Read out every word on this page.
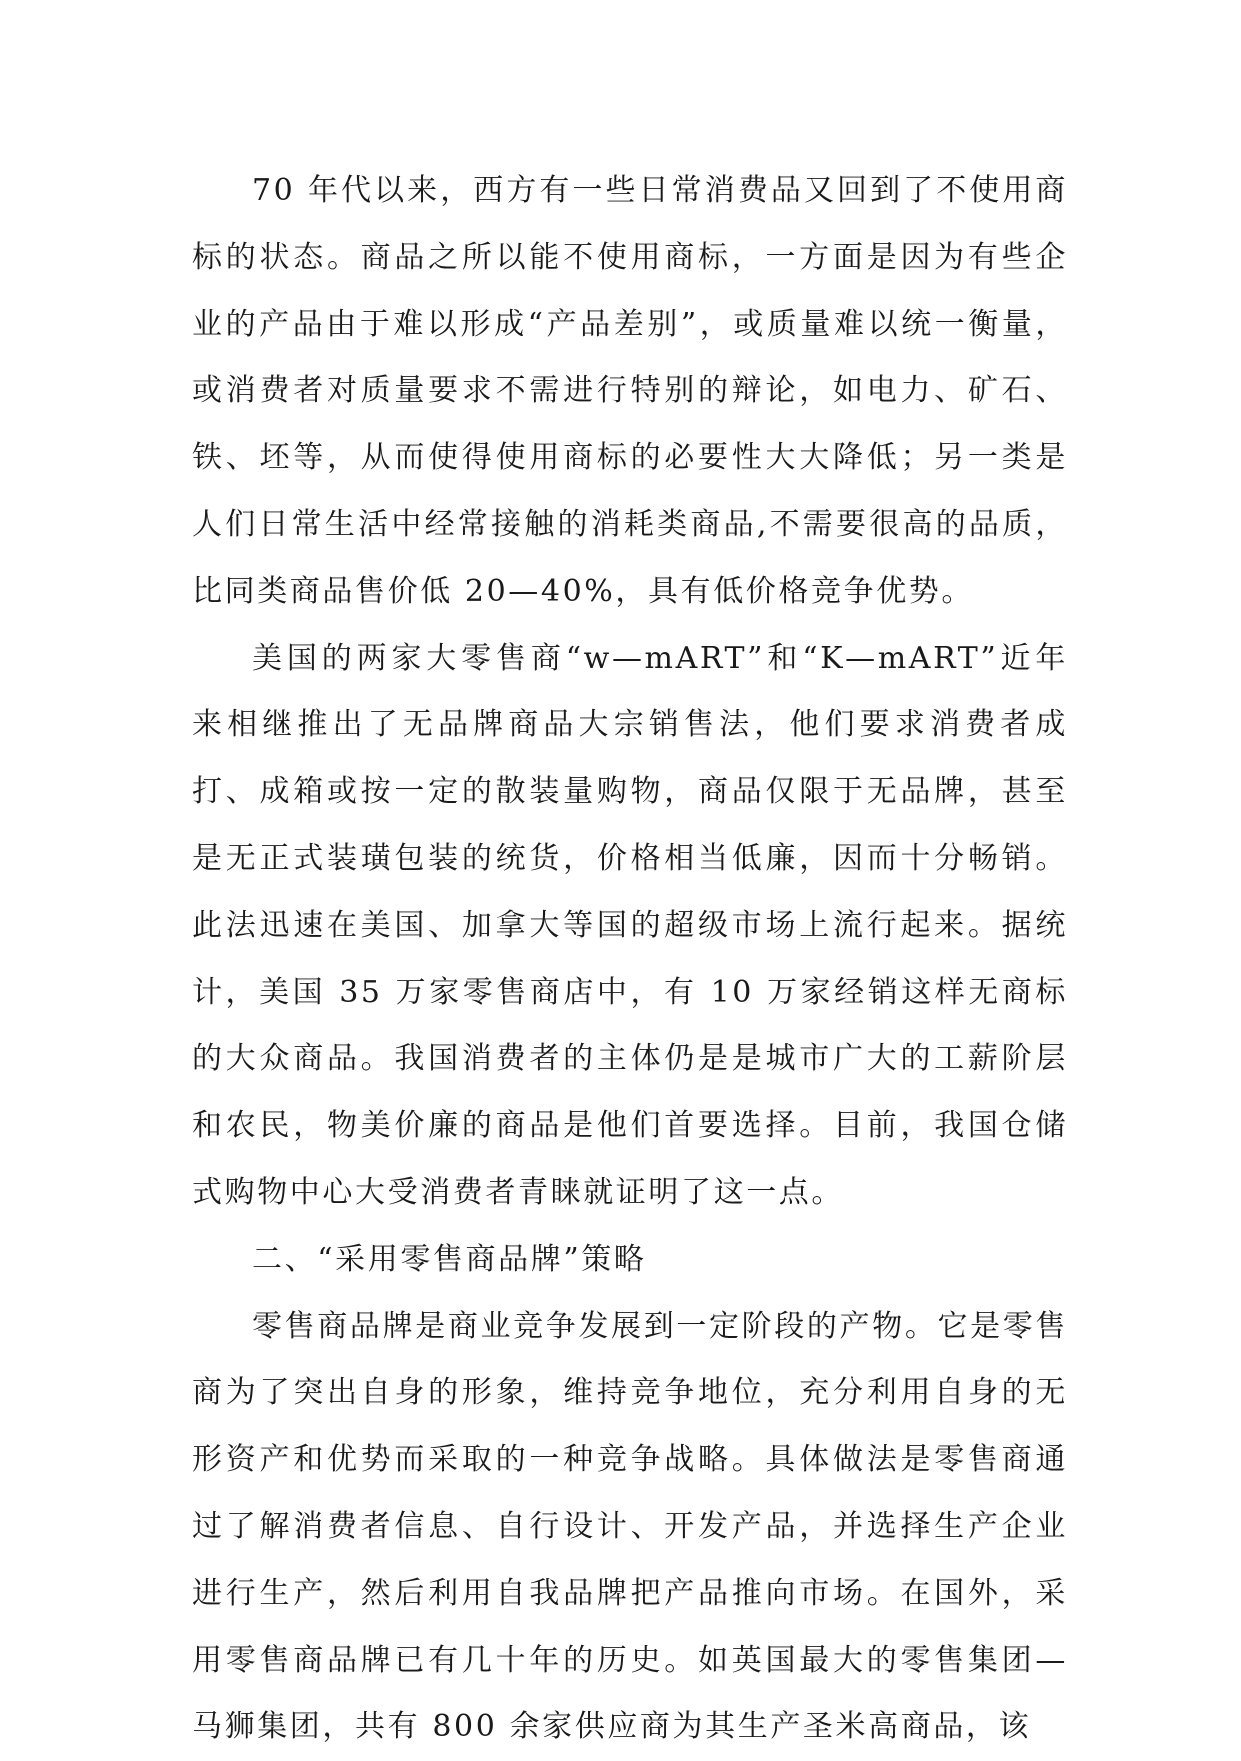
70 年代以来，西方有一些日常消费品又回到了不使用商标的状态。商品之所以能不使用商标，一方面是因为有些企业的产品由于难以形成“产品差别”，或质量难以统一衡量，或消费者对质量要求不需进行特别的辩论，如电力、矿石、铁、坯等，从而使得使用商标的必要性大大降低；另一类是人们日常生活中经常接触的消耗类商品,不需要很高的品质，比同类商品售价低 20—40%，具有低价格竞争优势。

美国的两家大零售商“w—mART”和“K—mART”近年来相继推出了无品牌商品大宗销售法，他们要求消费者成打、成箱或按一定的散装量购物，商品仅限于无品牌，甚至是无正式装璜包装的统货，价格相当低廉，因而十分畅销。此法迅速在美国、加拿大等国的超级市场上流行起来。据统计，美国 35 万家零售商店中，有 10 万家经销这样无商标的大众商品。我国消费者的主体仍是是城市广大的工薪阶层和农民，物美价廉的商品是他们首要选择。目前，我国仓储式购物中心大受消费者青睐就证明了这一点。

二、“采用零售商品牌”策略

零售商品牌是商业竞争发展到一定阶段的产物。它是零售商为了突出自身的形象，维持竞争地位，充分利用自身的无形资产和优势而采取的一种竞争战略。具体做法是零售商通过了解消费者信息、自行设计、开发产品，并选择生产企业进行生产，然后利用自我品牌把产品推向市场。在国外，采用零售商品牌已有几十年的历史。如英国最大的零售集团—马狮集团，共有 800 余家供应商为其生产圣米高商品，该
